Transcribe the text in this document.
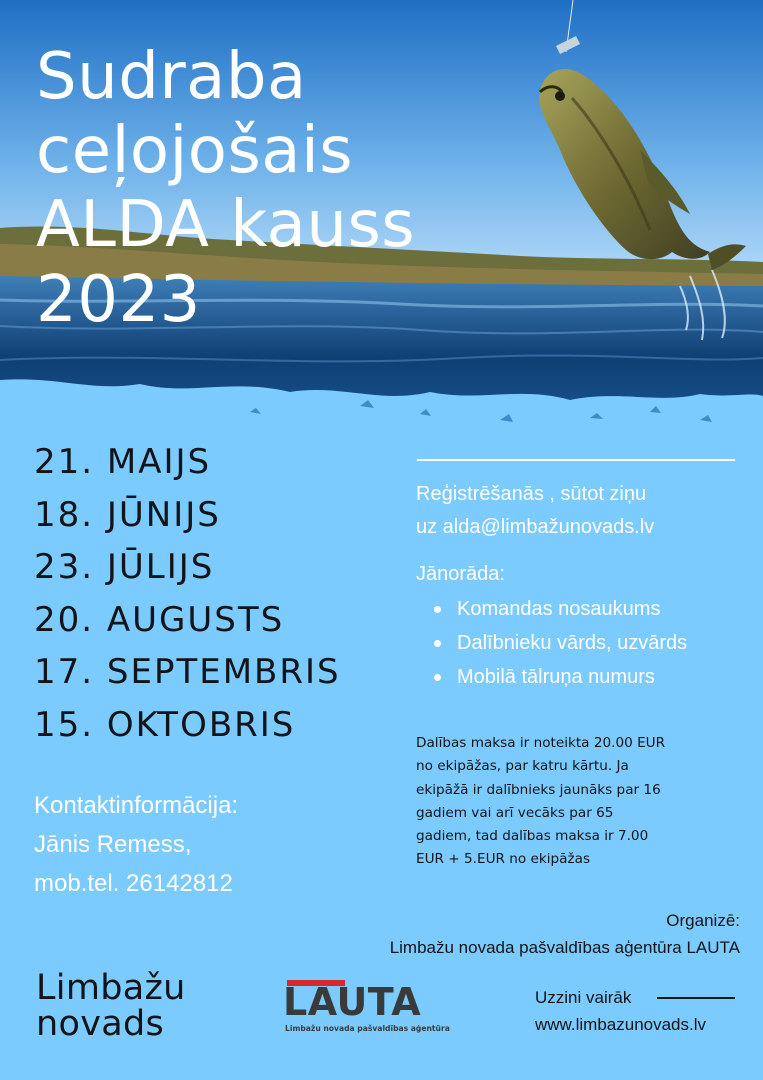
Sudraba
ceļojošais
ALDA kauss
2023
21. MAIJS
18. JŪNIJS
23. JŪLIJS
20. AUGUSTS
17. SEPTEMBRIS
15. OKTOBRIS
Kontaktinformācija:
Jānis Remess,
mob.tel. 26142812
Reģistrēšanās , sūtot ziņu
uz alda@limbažunovads.lv
Jānorāda:
Komandas nosaukums
Dalībnieku vārds, uzvārds
Mobilā tālruņa numurs
Dalības maksa ir noteikta 20.00 EUR
no ekipāžas, par katru kārtu. Ja
ekipāžā ir dalībnieks jaunāks par 16
gadiem vai arī vecāks par 65
gadiem, tad dalības maksa ir 7.00
EUR + 5.EUR no ekipāžas
Organizē:
Limbažu novada pašvaldības aģentūra LAUTA
Limbažu
novads	LAUTA
Limbažu novada pašvaldības aģentūra
Uzzini vairāk
www.limbazunovads.lv
